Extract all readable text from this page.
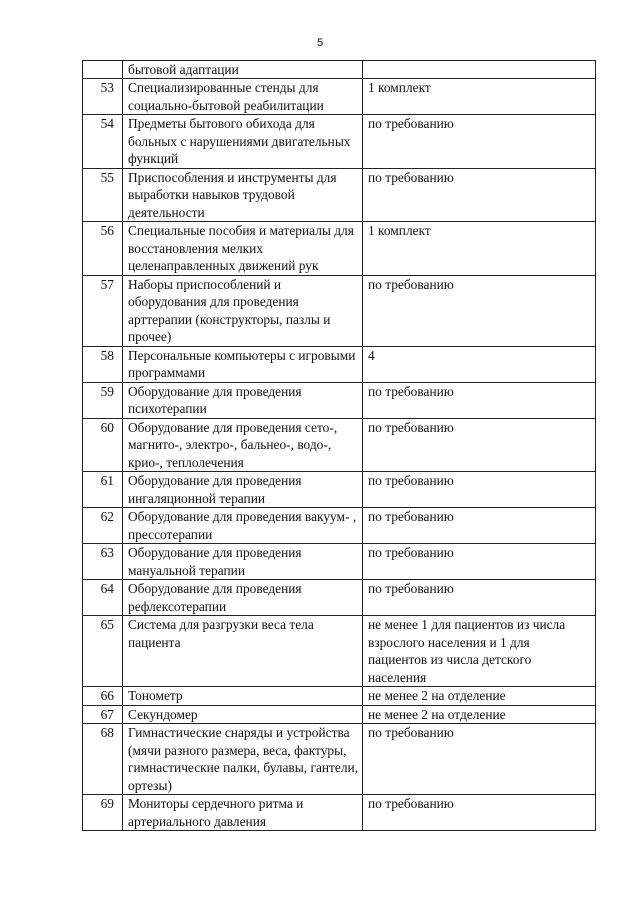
5
	бытовой адаптации	
53	Специализированные стенды для социально-бытовой реабилитации	1 комплект
54	Предметы бытового обихода для больных с нарушениями двигательных функций	по требованию
55	Приспособления и инструменты для выработки навыков трудовой деятельности	по требованию
56	Специальные пособия и материалы для восстановления мелких целенаправленных движений рук	1 комплект
57	Наборы приспособлений и оборудования для проведения арттерапии (конструкторы, пазлы и прочее)	по требованию
58	Персональные компьютеры с игровыми программами	4
59	Оборудование для проведения психотерапии	по требованию
60	Оборудование для проведения сето-, магнито-, электро-, бальнео-, водо-, крио-, теплолечения	по требованию
61	Оборудование для проведения ингаляционной терапии	по требованию
62	Оборудование для проведения вакуум- , прессотерапии	по требованию
63	Оборудование для проведения мануальной терапии	по требованию
64	Оборудование для проведения рефлексотерапии	по требованию
65	Система для разгрузки веса тела пациента	не менее 1 для пациентов из числа взрослого населения и 1 для пациентов из числа детского населения
66	Тонометр	не менее 2 на отделение
67	Секундомер	не менее 2 на отделение
68	Гимнастические снаряды и устройства (мячи разного размера, веса, фактуры, гимнастические палки, булавы, гантели, ортезы)	по требованию
69	Мониторы сердечного ритма и артериального давления	по требованию
